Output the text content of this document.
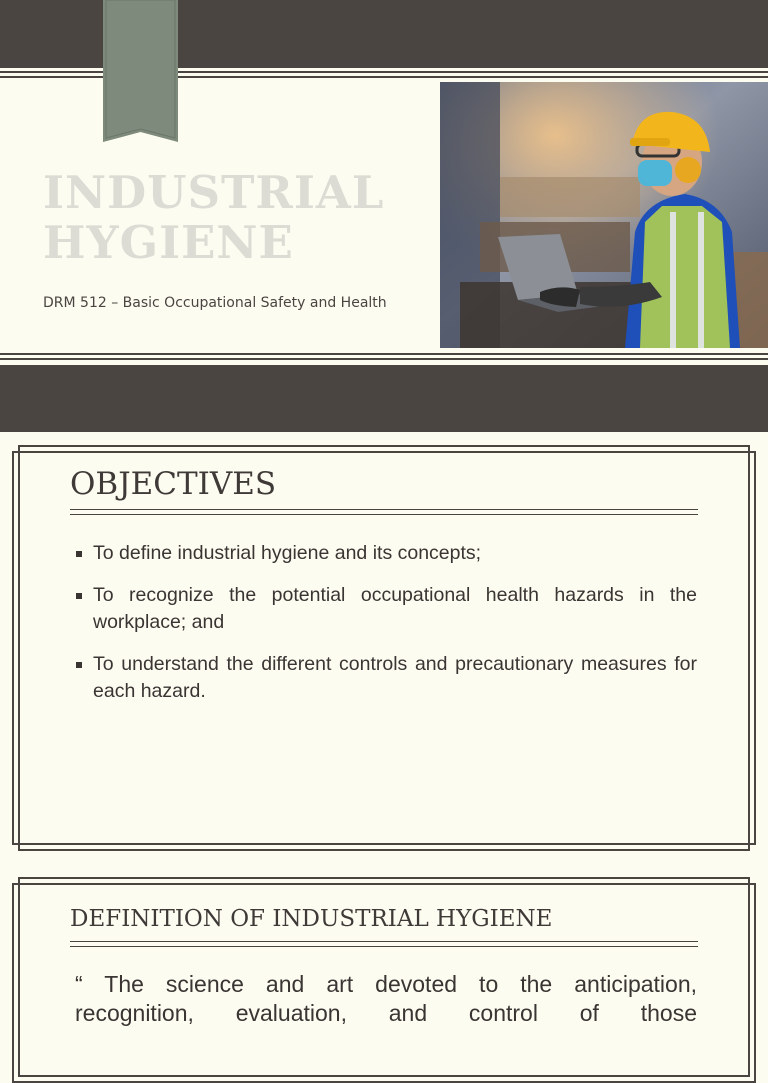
INDUSTRIAL
HYGIENE
DRM 512 – Basic Occupational Safety and Health
OBJECTIVES
To define industrial hygiene and its concepts;
To recognize the potential occupational health hazards in the workplace; and
To understand the different controls and precautionary measures for each hazard.
DEFINITION OF INDUSTRIAL HYGIENE
“ The science and art devoted to the anticipation, recognition, evaluation, and control of those
